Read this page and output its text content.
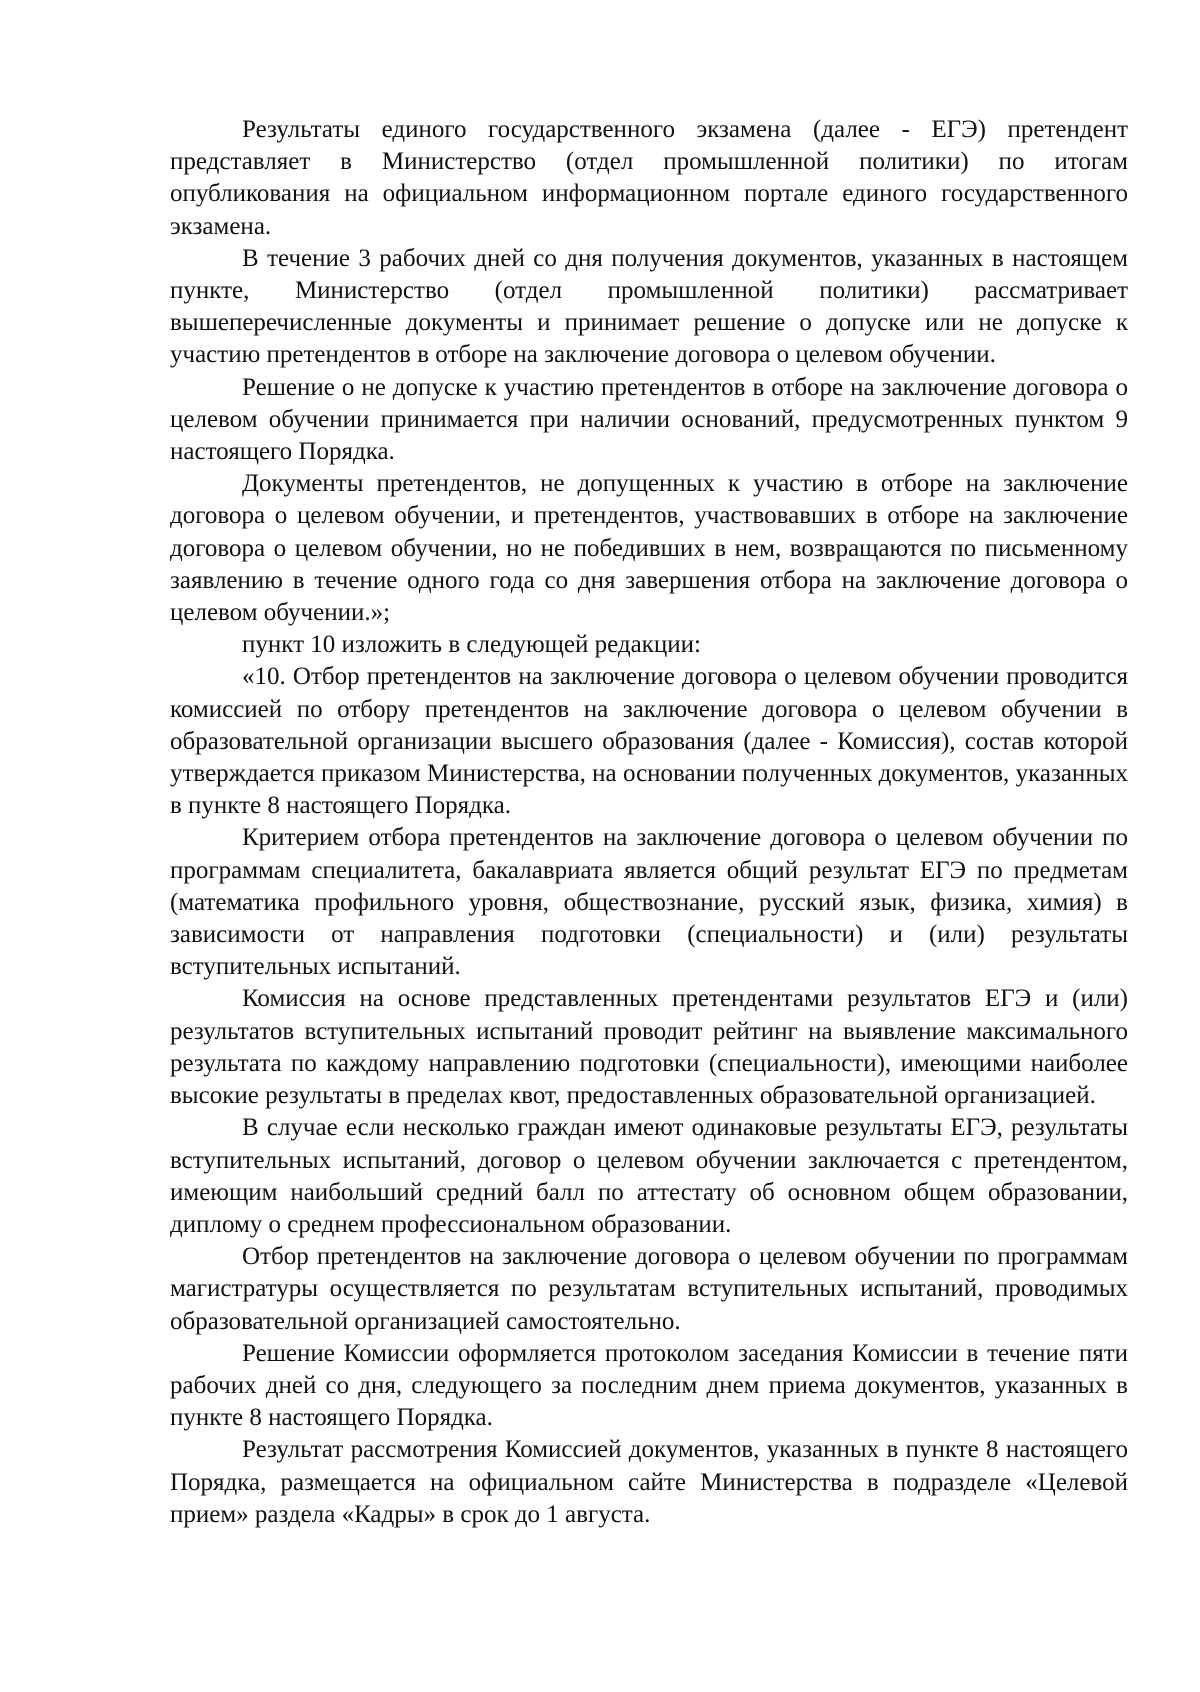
Результаты единого государственного экзамена (далее - ЕГЭ) претендент представляет в Министерство (отдел промышленной политики) по итогам опубликования на официальном информационном портале единого государственного экзамена.

В течение 3 рабочих дней со дня получения документов, указанных в настоящем пункте, Министерство (отдел промышленной политики) рассматривает вышеперечисленные документы и принимает решение о допуске или не допуске к участию претендентов в отборе на заключение договора о целевом обучении.

Решение о не допуске к участию претендентов в отборе на заключение договора о целевом обучении принимается при наличии оснований, предусмотренных пунктом 9 настоящего Порядка.

Документы претендентов, не допущенных к участию в отборе на заключение договора о целевом обучении, и претендентов, участвовавших в отборе на заключение договора о целевом обучении, но не победивших в нем, возвращаются по письменному заявлению в течение одного года со дня завершения отбора на заключение договора о целевом обучении.»;

пункт 10 изложить в следующей редакции:

«10. Отбор претендентов на заключение договора о целевом обучении проводится комиссией по отбору претендентов на заключение договора о целевом обучении в образовательной организации высшего образования (далее - Комиссия), состав которой утверждается приказом Министерства, на основании полученных документов, указанных в пункте 8 настоящего Порядка.

Критерием отбора претендентов на заключение договора о целевом обучении по программам специалитета, бакалавриата является общий результат ЕГЭ по предметам (математика профильного уровня, обществознание, русский язык, физика, химия) в зависимости от направления подготовки (специальности) и (или) результаты вступительных испытаний.

Комиссия на основе представленных претендентами результатов ЕГЭ и (или) результатов вступительных испытаний проводит рейтинг на выявление максимального результата по каждому направлению подготовки (специальности), имеющими наиболее высокие результаты в пределах квот, предоставленных образовательной организацией.

В случае если несколько граждан имеют одинаковые результаты ЕГЭ, результаты вступительных испытаний, договор о целевом обучении заключается с претендентом, имеющим наибольший средний балл по аттестату об основном общем образовании, диплому о среднем профессиональном образовании.

Отбор претендентов на заключение договора о целевом обучении по программам магистратуры осуществляется по результатам вступительных испытаний, проводимых образовательной организацией самостоятельно.

Решение Комиссии оформляется протоколом заседания Комиссии в течение пяти рабочих дней со дня, следующего за последним днем приема документов, указанных в пункте 8 настоящего Порядка.

Результат рассмотрения Комиссией документов, указанных в пункте 8 настоящего Порядка, размещается на официальном сайте Министерства в подразделе «Целевой прием» раздела «Кадры» в срок до 1 августа.
